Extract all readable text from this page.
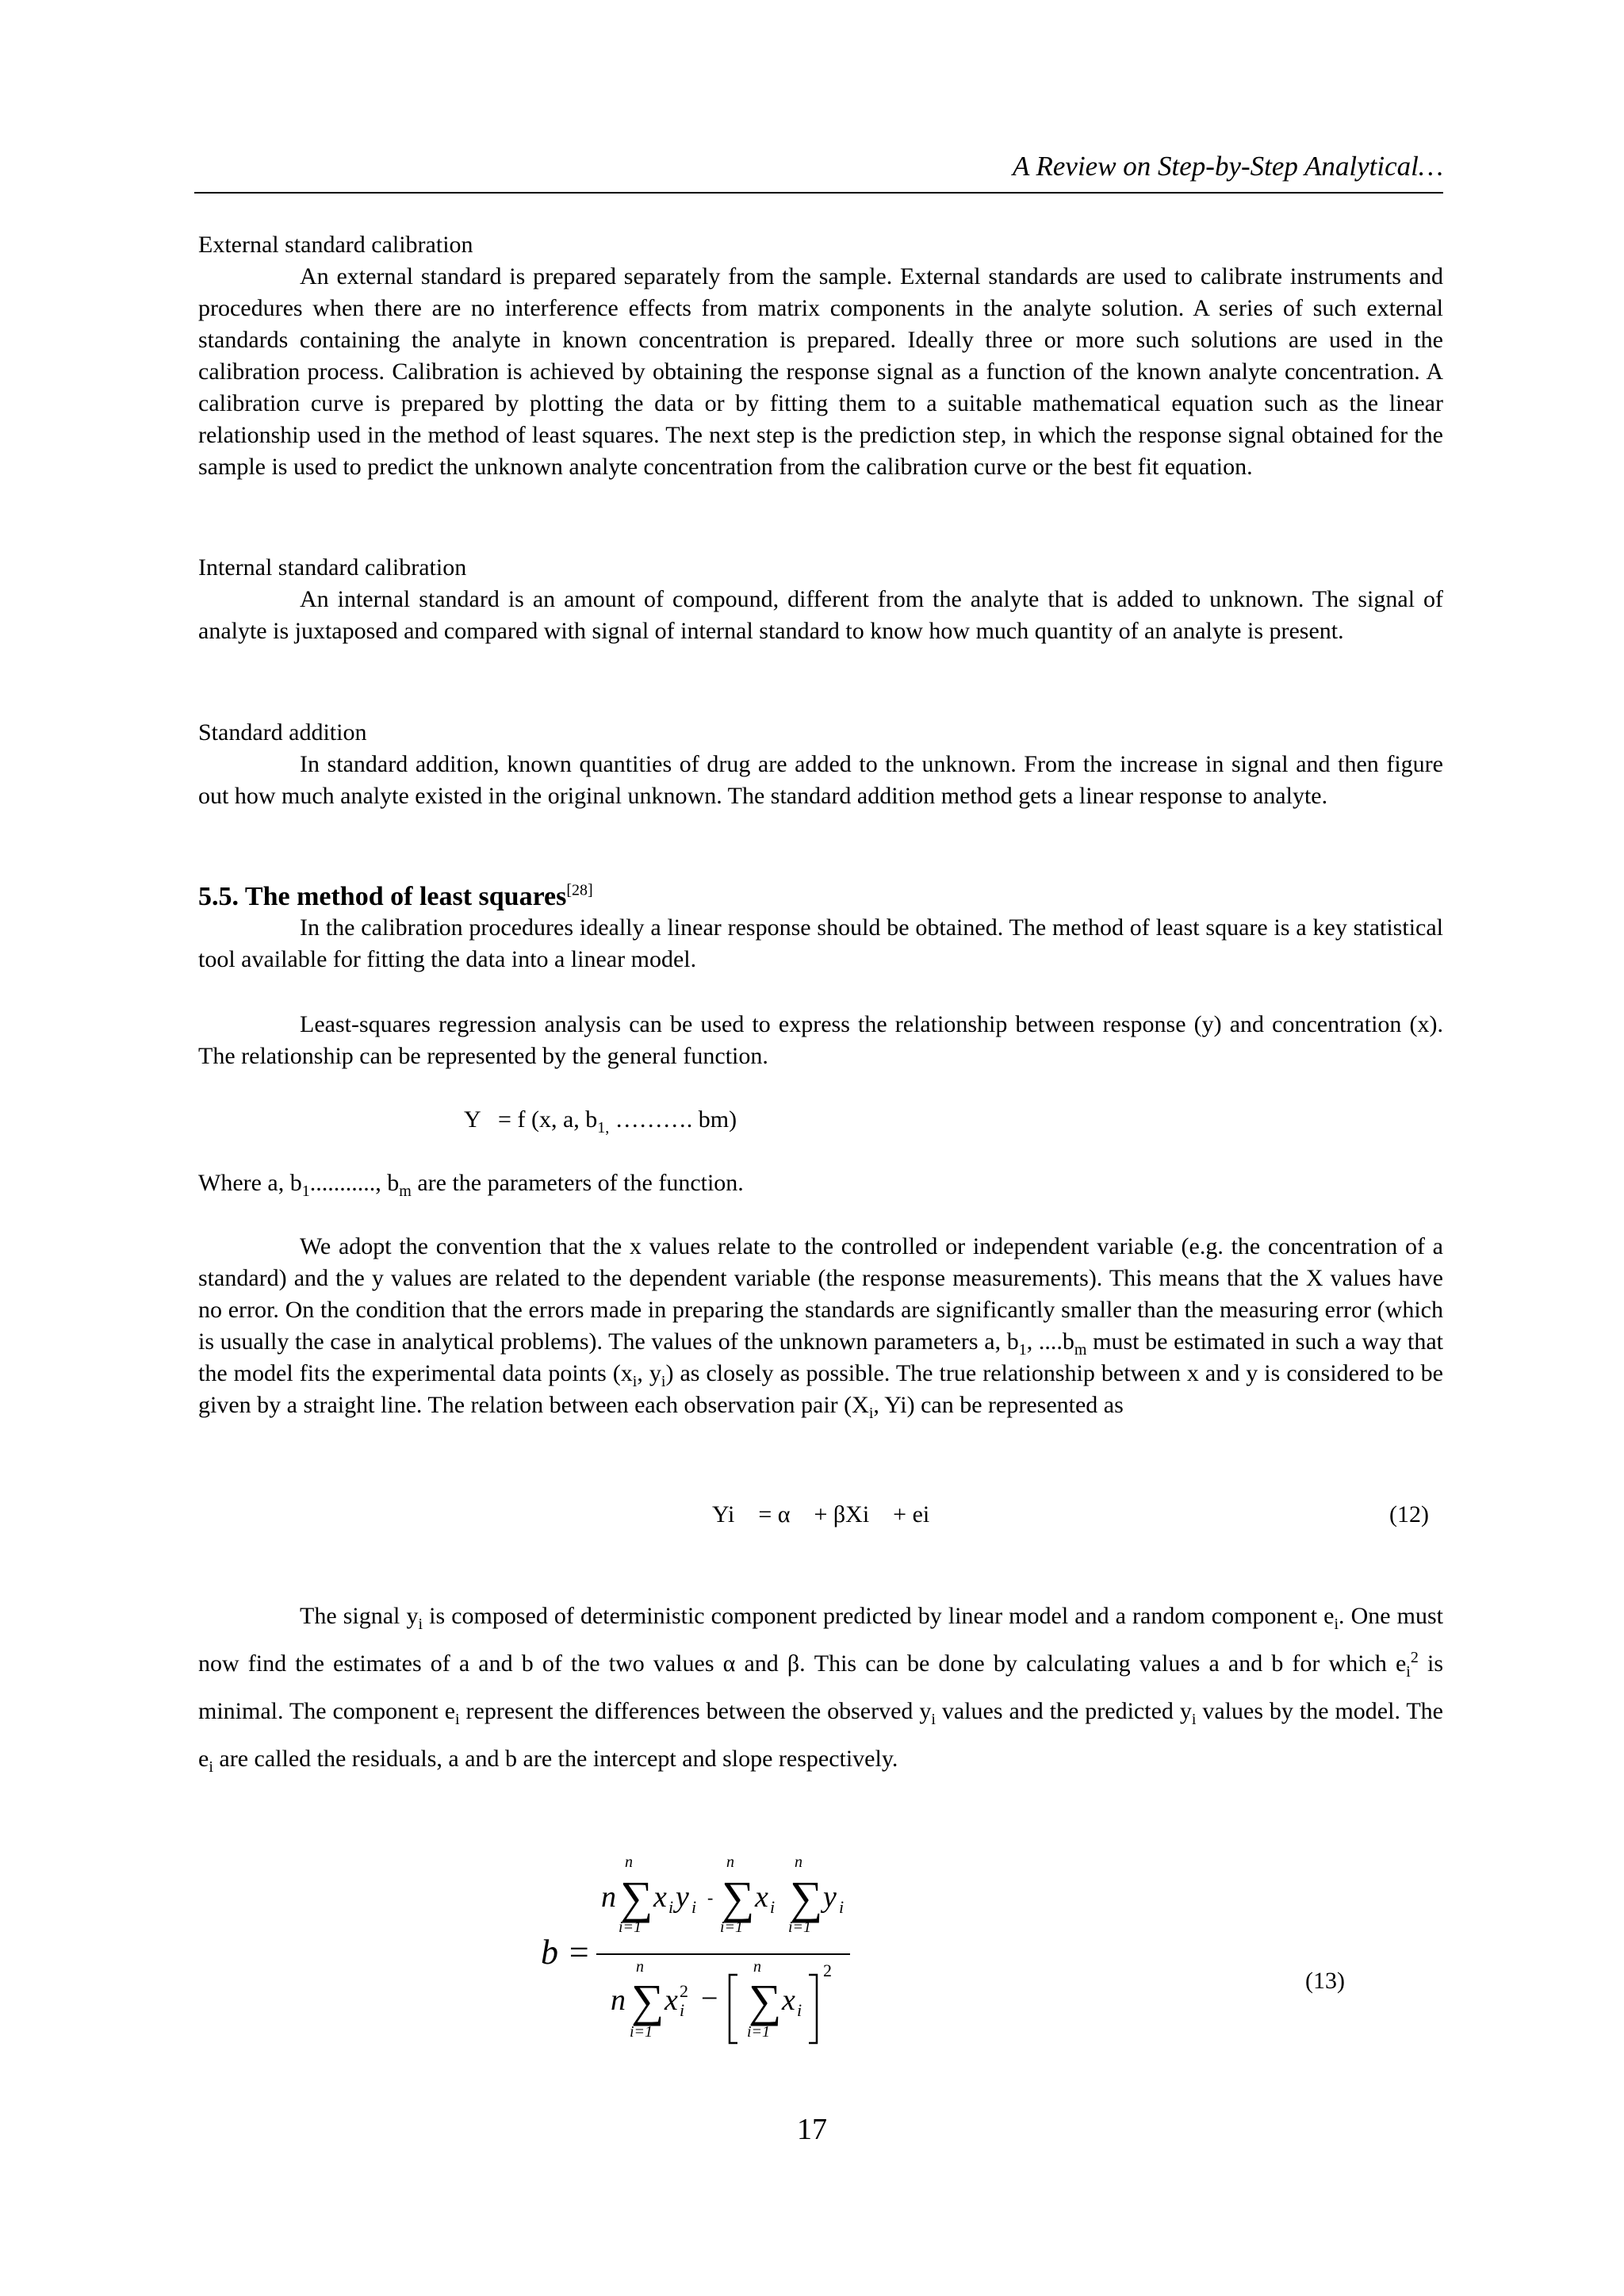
A Review on Step-by-Step Analytical…

External standard calibration

An external standard is prepared separately from the sample. External standards are used to calibrate instruments and procedures when there are no interference effects from matrix components in the analyte solution. A series of such external standards containing the analyte in known concentration is prepared. Ideally three or more such solutions are used in the calibration process. Calibration is achieved by obtaining the response signal as a function of the known analyte concentration. A calibration curve is prepared by plotting the data or by fitting them to a suitable mathematical equation such as the linear relationship used in the method of least squares. The next step is the prediction step, in which the response signal obtained for the sample is used to predict the unknown analyte concentration from the calibration curve or the best fit equation.

Internal standard calibration

An internal standard is an amount of compound, different from the analyte that is added to unknown. The signal of analyte is juxtaposed and compared with signal of internal standard to know how much quantity of an analyte is present.

Standard addition

In standard addition, known quantities of drug are added to the unknown. From the increase in signal and then figure out how much analyte existed in the original unknown. The standard addition method gets a linear response to analyte.

5.5. The method of least squares[28]

In the calibration procedures ideally a linear response should be obtained. The method of least square is a key statistical tool available for fitting the data into a linear model.

Least-squares regression analysis can be used to express the relationship between response (y) and concentration (x). The relationship can be represented by the general function.

Y   = f (x, a, $b_{1,}$ ………. bm)

Where a, $b_1$..........., $b_m$ are the parameters of the function.

We adopt the convention that the x values relate to the controlled or independent variable (e.g. the concentration of a standard) and the y values are related to the dependent variable (the response measurements). This means that the X values have no error. On the condition that the errors made in preparing the standards are significantly smaller than the measuring error (which is usually the case in analytical problems). The values of the unknown parameters a, $b_1$, $....b_m$ must be estimated in such a way that the model fits the experimental data points ($x_i$, $y_i$) as closely as possible. The true relationship between x and y is considered to be given by a straight line. The relation between each observation pair ($X_i$, Yi) can be represented as

Yi    = α    + βXi    + ei	(12)

The signal $y_i$ is composed of deterministic component predicted by linear model and a random component $e_i$. One must now find the estimates of a and b of the two values α and β. This can be done by calculating values a and b for which $e_i^2$ is minimal. The component $e_i$ represent the differences between the observed $y_i$ values and the predicted $y_i$ values by the model. The $e_i$ are called the residuals, a and b are the intercept and slope respectively.

b =
n
n
∑
i=1
x i y i -
n
∑
i=1
x i
n
∑
i=1
y i
n
n
∑
i=1
x i
2 −
n
∑
i=1
x i
2	(13)
17
